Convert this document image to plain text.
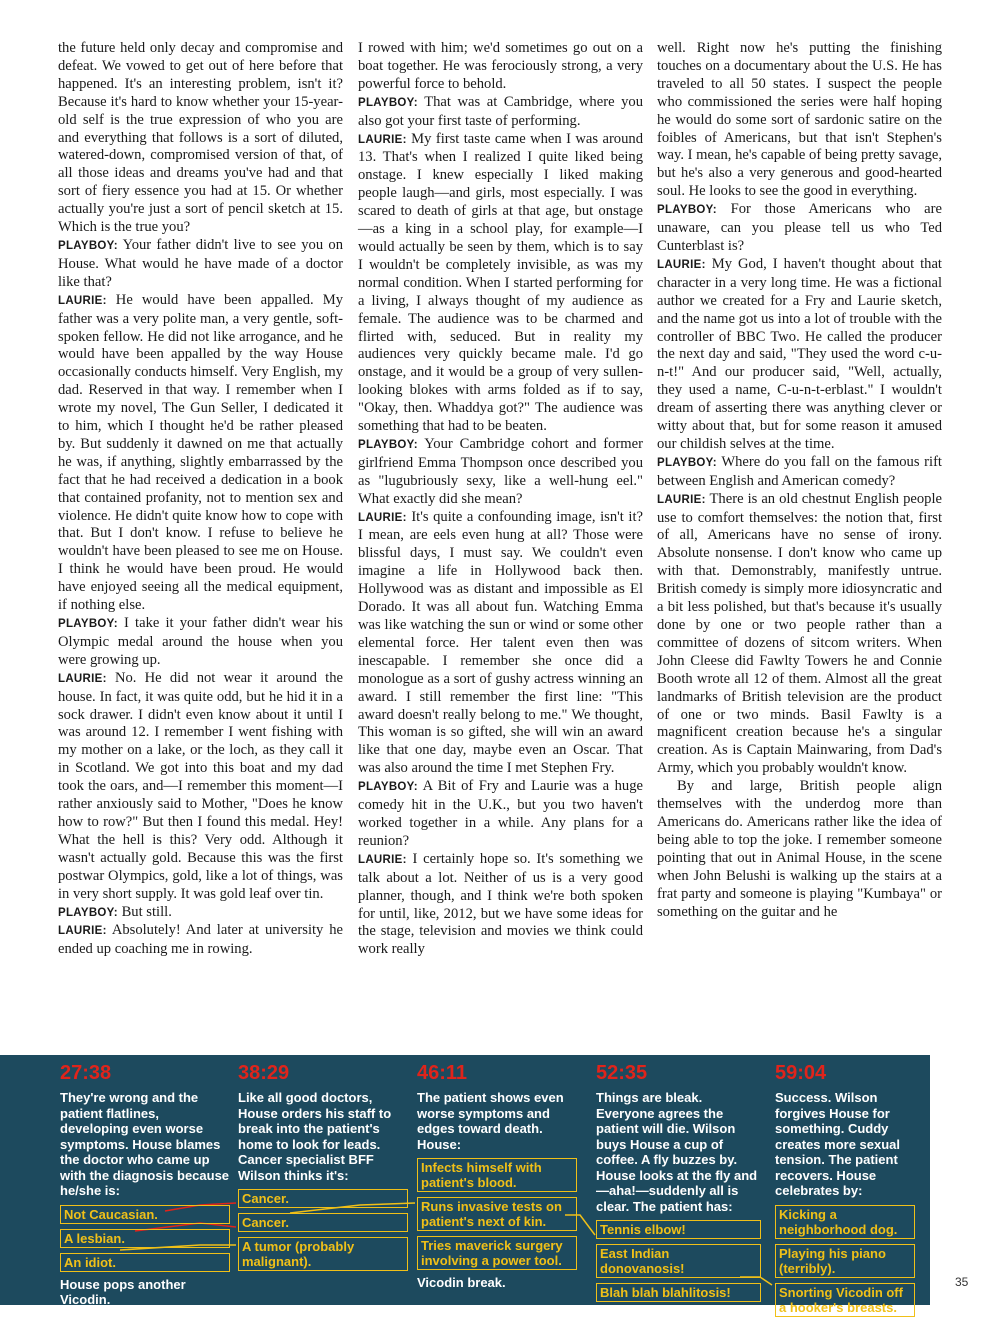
the future held only decay and compromise and defeat. We vowed to get out of here before that happened. It's an interesting problem, isn't it? Because it's hard to know whether your 15-year-old self is the true expression of who you are and everything that follows is a sort of diluted, watered-down, compromised version of that, of all those ideas and dreams you've had and that sort of fiery essence you had at 15. Or whether actually you're just a sort of pencil sketch at 15. Which is the true you?

PLAYBOY: Your father didn't live to see you on House. What would he have made of a doctor like that?

LAURIE: He would have been appalled. My father was a very polite man, a very gentle, soft-spoken fellow. He did not like arrogance, and he would have been appalled by the way House occasionally conducts himself. Very English, my dad. Reserved in that way. I remember when I wrote my novel, The Gun Seller, I dedicated it to him, which I thought he'd be rather pleased by. But suddenly it dawned on me that actually he was, if anything, slightly embarrassed by the fact that he had received a dedication in a book that contained profanity, not to mention sex and violence. He didn't quite know how to cope with that. But I don't know. I refuse to believe he wouldn't have been pleased to see me on House. I think he would have been proud. He would have enjoyed seeing all the medical equipment, if nothing else.

PLAYBOY: I take it your father didn't wear his Olympic medal around the house when you were growing up.

LAURIE: No. He did not wear it around the house. In fact, it was quite odd, but he hid it in a sock drawer. I didn't even know about it until I was around 12. I remember I went fishing with my mother on a lake, or the loch, as they call it in Scotland. We got into this boat and my dad took the oars, and—I remember this moment—I rather anxiously said to Mother, "Does he know how to row?" But then I found this medal. Hey! What the hell is this? Very odd. Although it wasn't actually gold. Because this was the first postwar Olympics, gold, like a lot of things, was in very short supply. It was gold leaf over tin.

PLAYBOY: But still.

LAURIE: Absolutely! And later at university he ended up coaching me in rowing.

I rowed with him; we'd sometimes go out on a boat together. He was ferociously strong, a very powerful force to behold.

PLAYBOY: That was at Cambridge, where you also got your first taste of performing.

LAURIE: My first taste came when I was around 13. That's when I realized I quite liked being onstage. I knew especially I liked making people laugh—and girls, most especially. I was scared to death of girls at that age, but onstage—as a king in a school play, for example—I would actually be seen by them, which is to say I wouldn't be completely invisible, as was my normal condition. When I started performing for a living, I always thought of my audience as female. The audience was to be charmed and flirted with, seduced. But in reality my audiences very quickly became male. I'd go onstage, and it would be a group of very sullen-looking blokes with arms folded as if to say, "Okay, then. Whaddya got?" The audience was something that had to be beaten.

PLAYBOY: Your Cambridge cohort and former girlfriend Emma Thompson once described you as "lugubriously sexy, like a well-hung eel." What exactly did she mean?

LAURIE: It's quite a confounding image, isn't it? I mean, are eels even hung at all? Those were blissful days, I must say. We couldn't even imagine a life in Hollywood back then. Hollywood was as distant and impossible as El Dorado. It was all about fun. Watching Emma was like watching the sun or wind or some other elemental force. Her talent even then was inescapable. I remember she once did a monologue as a sort of gushy actress winning an award. I still remember the first line: "This award doesn't really belong to me." We thought, This woman is so gifted, she will win an award like that one day, maybe even an Oscar. That was also around the time I met Stephen Fry.

PLAYBOY: A Bit of Fry and Laurie was a huge comedy hit in the U.K., but you two haven't worked together in a while. Any plans for a reunion?

LAURIE: I certainly hope so. It's something we talk about a lot. Neither of us is a very good planner, though, and I think we're both spoken for until, like, 2012, but we have some ideas for the stage, television and movies we think could work really

well. Right now he's putting the finishing touches on a documentary about the U.S. He has traveled to all 50 states. I suspect the people who commissioned the series were half hoping he would do some sort of sardonic satire on the foibles of Americans, but that isn't Stephen's way. I mean, he's capable of being pretty savage, but he's also a very generous and good-hearted soul. He looks to see the good in everything.

PLAYBOY: For those Americans who are unaware, can you please tell us who Ted Cunterblast is?

LAURIE: My God, I haven't thought about that character in a very long time. He was a fictional author we created for a Fry and Laurie sketch, and the name got us into a lot of trouble with the controller of BBC Two. He called the producer the next day and said, "They used the word c-u-n-t!" And our producer said, "Well, actually, they used a name, C-u-n-t-erblast." I wouldn't dream of asserting there was anything clever or witty about that, but for some reason it amused our childish selves at the time.

PLAYBOY: Where do you fall on the famous rift between English and American comedy?

LAURIE: There is an old chestnut English people use to comfort themselves: the notion that, first of all, Americans have no sense of irony. Absolute nonsense. I don't know who came up with that. Demonstrably, manifestly untrue. British comedy is simply more idiosyncratic and a bit less polished, but that's because it's usually done by one or two people rather than a committee of dozens of sitcom writers. When John Cleese did Fawlty Towers he and Connie Booth wrote all 12 of them. Almost all the great landmarks of British television are the product of one or two minds. Basil Fawlty is a magnificent creation because he's a singular creation. As is Captain Mainwaring, from Dad's Army, which you probably wouldn't know.

By and large, British people align themselves with the underdog more than Americans do. Americans rather like the idea of being able to top the joke. I remember someone pointing that out in Animal House, in the scene when John Belushi is walking up the stairs at a frat party and someone is playing "Kumbaya" or something on the guitar and he

27:38
They're wrong and the patient flatlines, developing even worse symptoms. House blames the doctor who came up with the diagnosis because he/she is:
Not Caucasian.
A lesbian.
An idiot.
House pops another Vicodin.
38:29
Like all good doctors, House orders his staff to break into the patient's home to look for leads. Cancer specialist BFF Wilson thinks it's:
Cancer.
Cancer.
A tumor (probably malignant).
46:11
The patient shows even worse symptoms and edges toward death. House:
Infects himself with patient's blood.
Runs invasive tests on patient's next of kin.
Tries maverick surgery involving a power tool.
Vicodin break.
52:35
Things are bleak. Everyone agrees the patient will die. Wilson buys House a cup of coffee. A fly buzzes by. House looks at the fly and—aha!—suddenly all is clear. The patient has:
Tennis elbow!
East Indian donovanosis!
Blah blah blahlitosis!
59:04
Success. Wilson forgives House for something. Cuddy creates more sexual tension. The patient recovers. House celebrates by:
Kicking a neighborhood dog.
Playing his piano (terribly).
Snorting Vicodin off a hooker's breasts.
35
